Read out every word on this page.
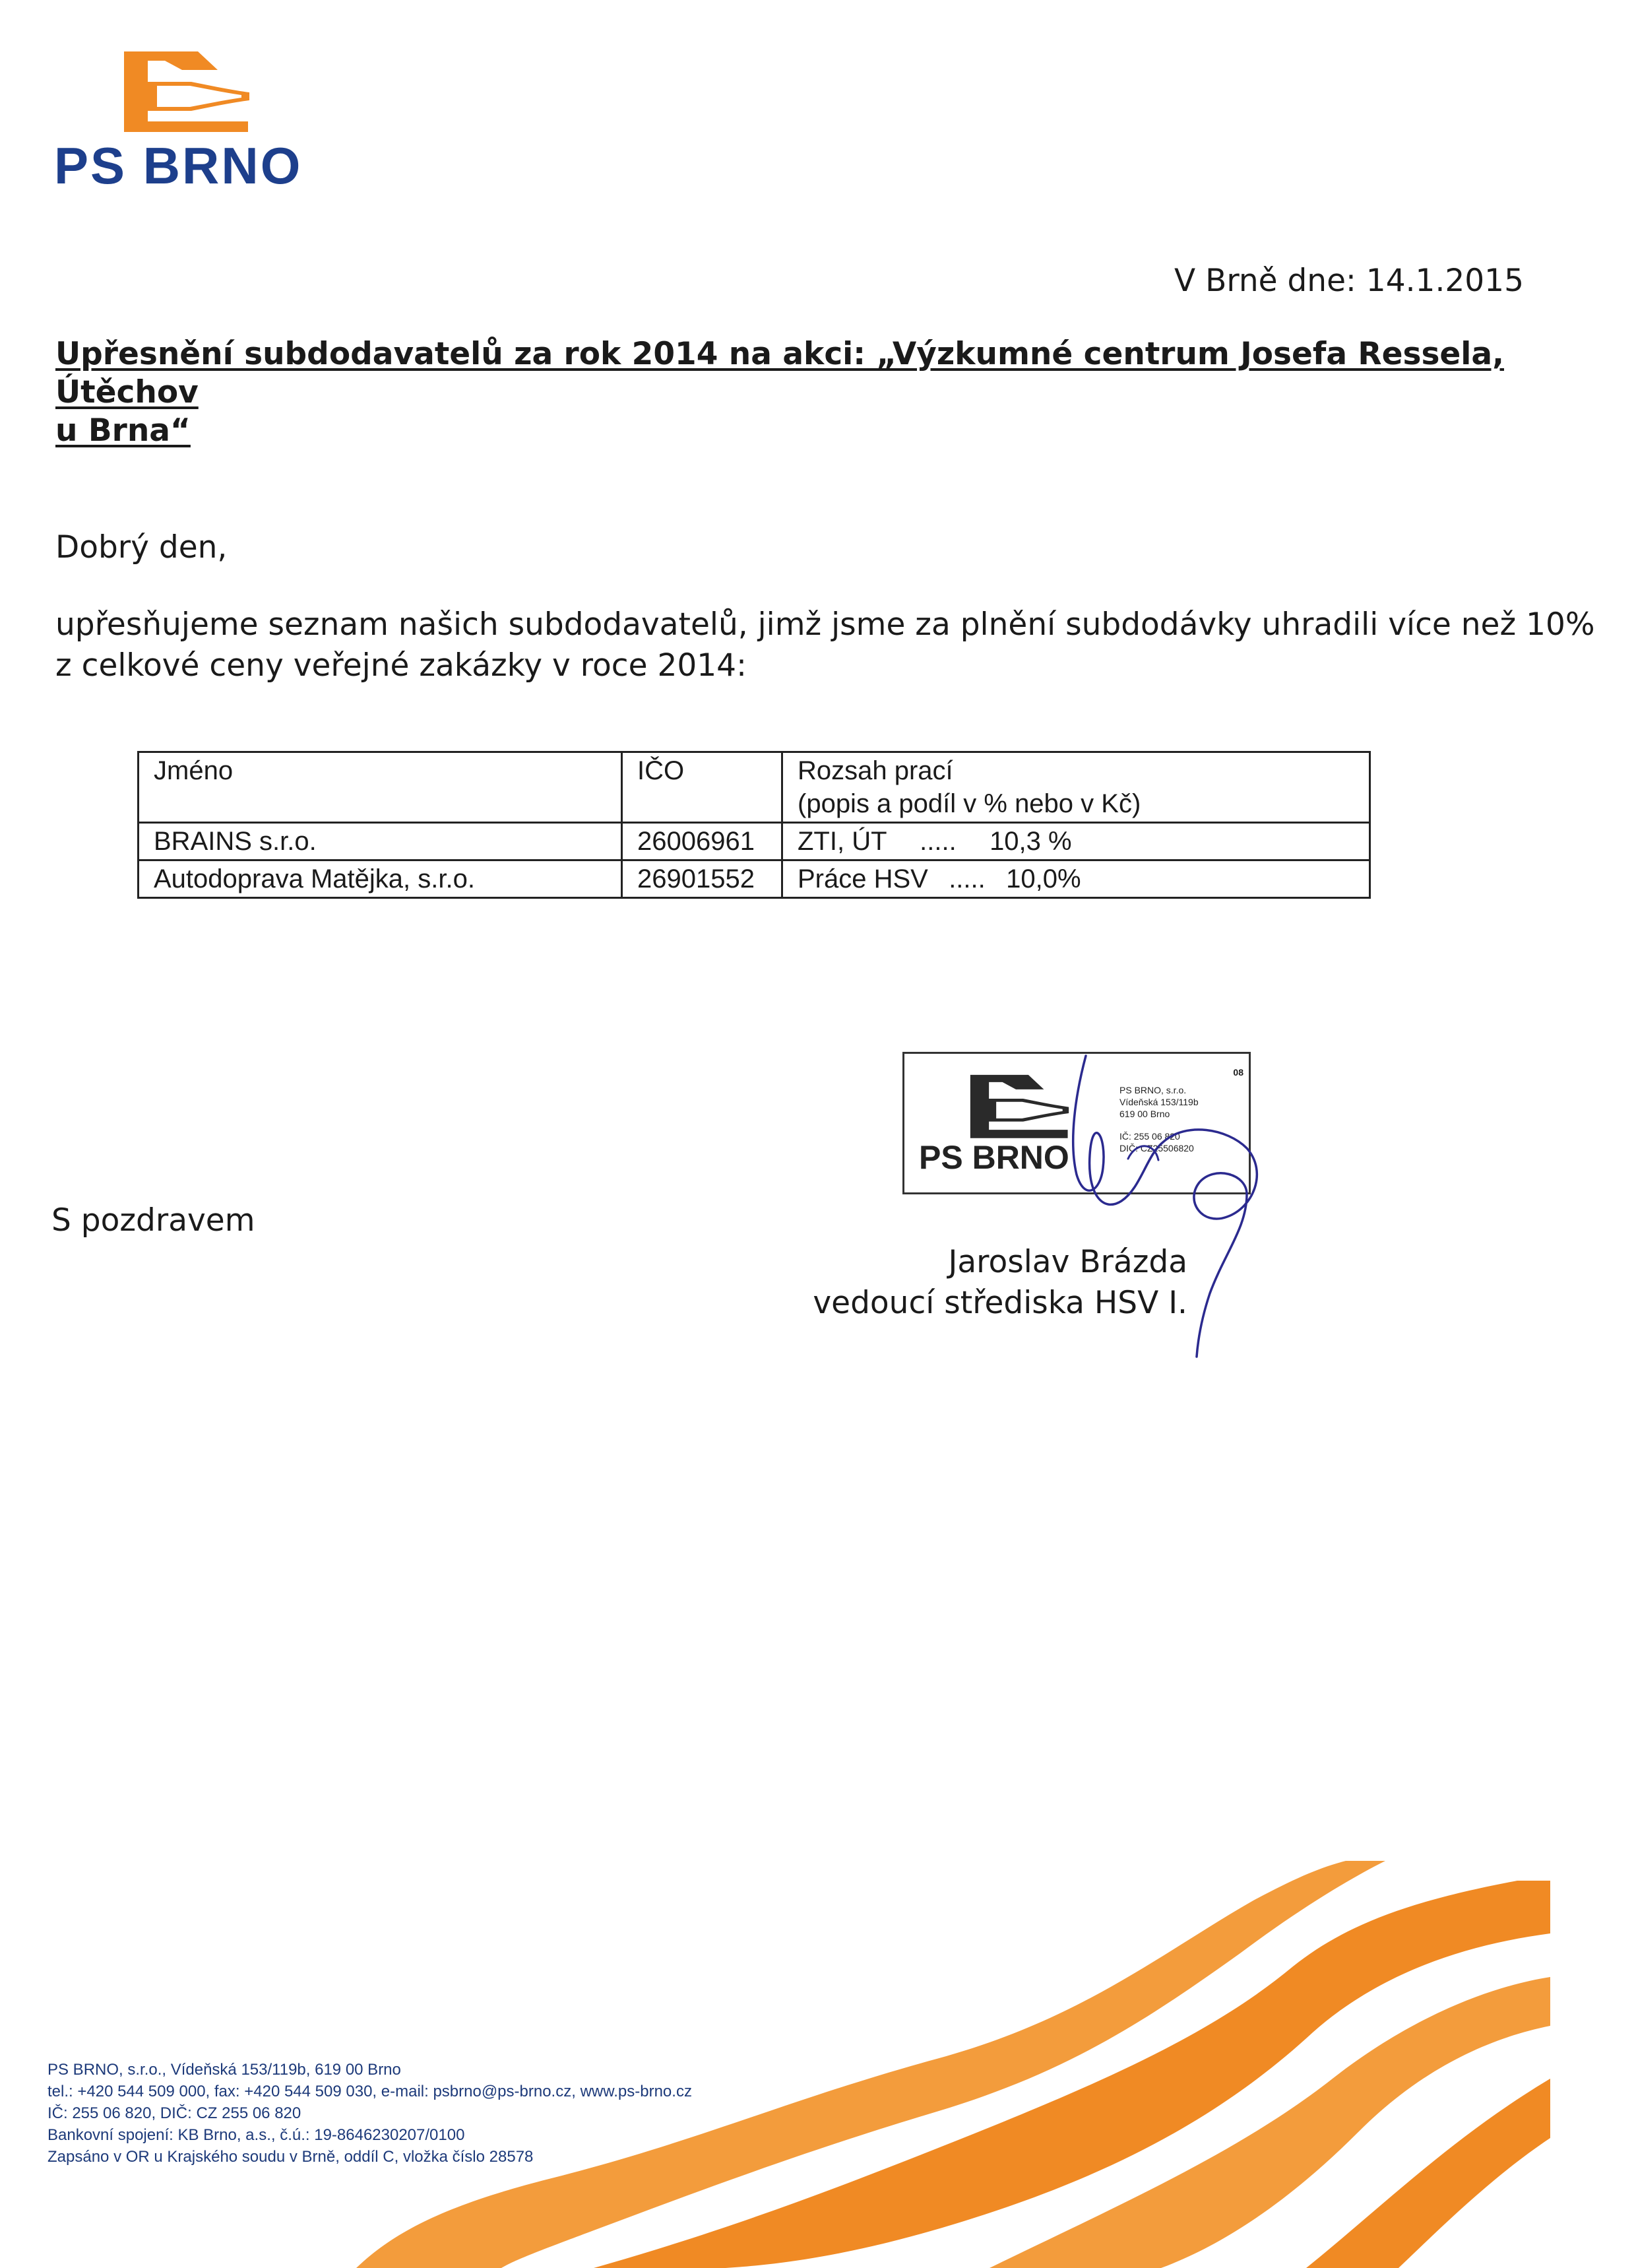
PS BRNO
V Brně dne: 14.1.2015
Upřesnění subdodavatelů za rok 2014 na akci: „Výzkumné centrum Josefa Ressela, Útěchov
u Brna“
Dobrý den,
upřesňujeme seznam našich subdodavatelů, jimž jsme za plnění subdodávky uhradili více než 10%
z celkové ceny veřejné zakázky v roce 2014:
Jméno	IČO	Rozsah prací
(popis a podíl v % nebo v Kč)

BRAINS s.r.o.	26006961	ZTI, ÚT ..... 10,3 %
Autodoprava Matějka, s.r.o.	26901552	Práce HSV ..... 10,0%
PS BRNO
08
PS BRNO, s.r.o.
Vídeňská 153/119b
619 00 Brno
IČ: 255 06 820
DIČ: CZ25506820
S pozdravem
Jaroslav Brázda
vedoucí střediska HSV I.
PS BRNO, s.r.o., Vídeňská 153/119b, 619 00 Brno
tel.: +420 544 509 000, fax: +420 544 509 030, e-mail: psbrno@ps-brno.cz, www.ps-brno.cz
IČ: 255 06 820, DIČ: CZ 255 06 820
Bankovní spojení: KB Brno, a.s., č.ú.: 19-8646230207/0100
Zapsáno v OR u Krajského soudu v Brně, oddíl C, vložka číslo 28578
